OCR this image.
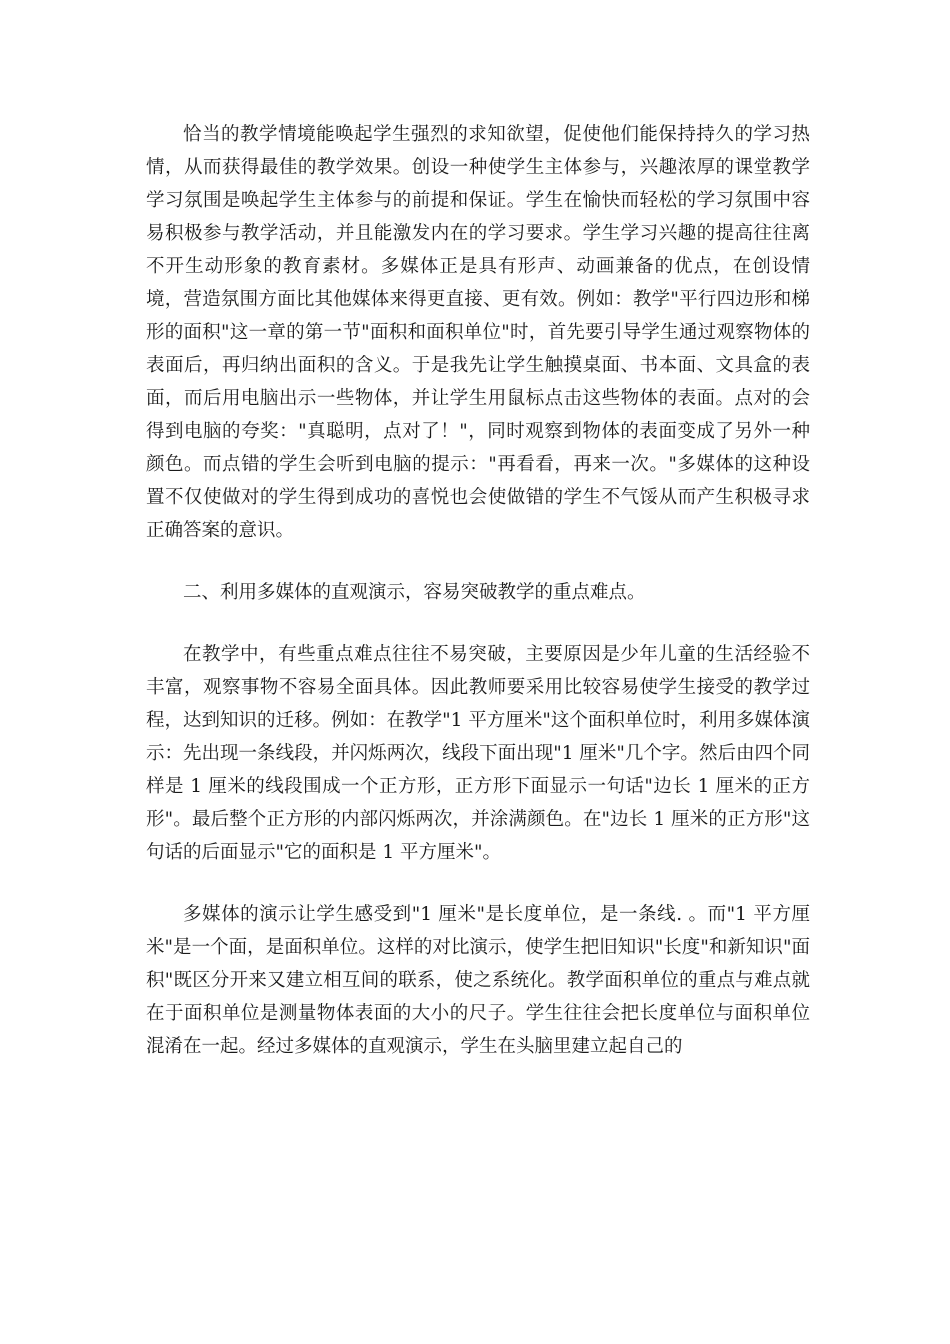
恰当的教学情境能唤起学生强烈的求知欲望，促使他们能保持持久的学习热情，从而获得最佳的教学效果。创设一种使学生主体参与，兴趣浓厚的课堂教学学习氛围是唤起学生主体参与的前提和保证。学生在愉快而轻松的学习氛围中容易积极参与教学活动，并且能激发内在的学习要求。学生学习兴趣的提高往往离不开生动形象的教育素材。多媒体正是具有形声、动画兼备的优点，在创设情境，营造氛围方面比其他媒体来得更直接、更有效。例如：教学"平行四边形和梯形的面积"这一章的第一节"面积和面积单位"时，首先要引导学生通过观察物体的表面后，再归纳出面积的含义。于是我先让学生触摸桌面、书本面、文具盒的表面，而后用电脑出示一些物体，并让学生用鼠标点击这些物体的表面。点对的会得到电脑的夸奖："真聪明，点对了！"，同时观察到物体的表面变成了另外一种颜色。而点错的学生会听到电脑的提示："再看看，再来一次。"多媒体的这种设置不仅使做对的学生得到成功的喜悦也会使做错的学生不气馁从而产生积极寻求正确答案的意识。

二、利用多媒体的直观演示，容易突破教学的重点难点。

在教学中，有些重点难点往往不易突破，主要原因是少年儿童的生活经验不丰富，观察事物不容易全面具体。因此教师要采用比较容易使学生接受的教学过程，达到知识的迁移。例如：在教学"1 平方厘米"这个面积单位时，利用多媒体演示：先出现一条线段，并闪烁两次，线段下面出现"1 厘米"几个字。然后由四个同样是 1 厘米的线段围成一个正方形，正方形下面显示一句话"边长 1 厘米的正方形"。最后整个正方形的内部闪烁两次，并涂满颜色。在"边长 1 厘米的正方形"这句话的后面显示"它的面积是 1 平方厘米"。

多媒体的演示让学生感受到"1 厘米"是长度单位，是一条线. 。而"1 平方厘米"是一个面，是面积单位。这样的对比演示，使学生把旧知识"长度"和新知识"面积"既区分开来又建立相互间的联系，使之系统化。教学面积单位的重点与难点就在于面积单位是测量物体表面的大小的尺子。学生往往会把长度单位与面积单位混淆在一起。经过多媒体的直观演示，学生在头脑里建立起自己的
